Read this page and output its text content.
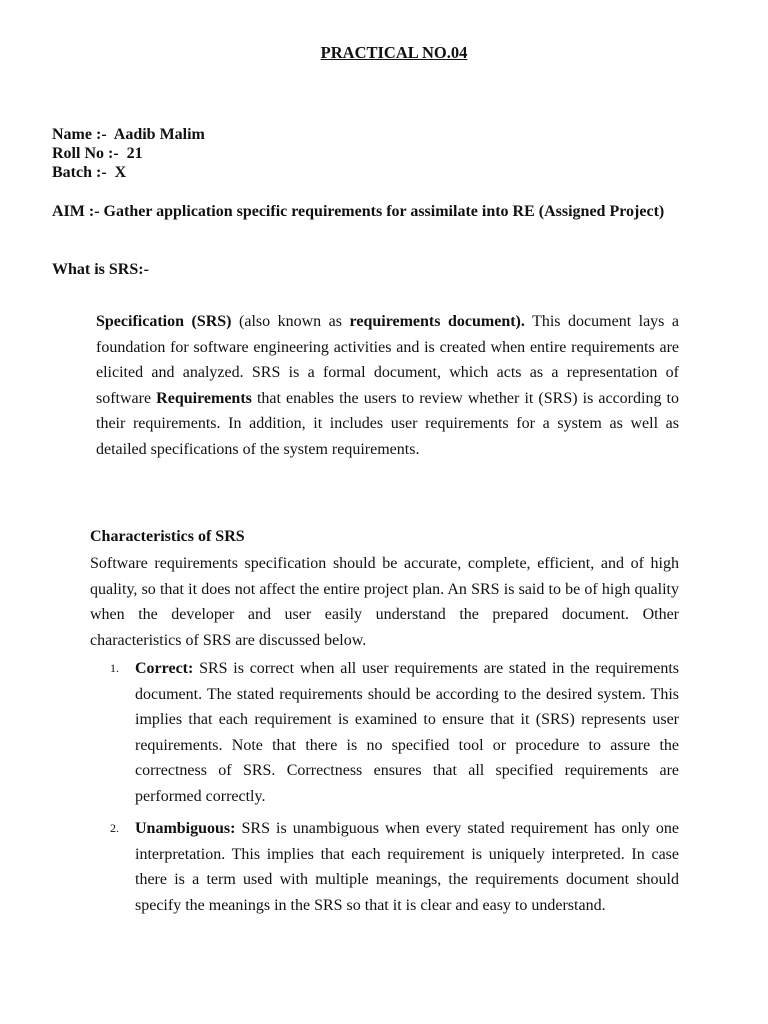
PRACTICAL NO.04
Name :- Aadib Malim
Roll No :- 21
Batch :- X
AIM :- Gather application specific requirements for assimilate into RE (Assigned Project)
What is SRS:-

Specification (SRS) (also known as requirements document). This document lays a foundation for software engineering activities and is created when entire requirements are elicited and analyzed. SRS is a formal document, which acts as a representation of software Requirements that enables the users to review whether it (SRS) is according to their requirements. In addition, it includes user requirements for a system as well as detailed specifications of the system requirements.

Characteristics of SRS

Software requirements specification should be accurate, complete, efficient, and of high quality, so that it does not affect the entire project plan. An SRS is said to be of high quality when the developer and user easily understand the prepared document. Other characteristics of SRS are discussed below.

1. Correct: SRS is correct when all user requirements are stated in the requirements document. The stated requirements should be according to the desired system. This implies that each requirement is examined to ensure that it (SRS) represents user requirements. Note that there is no specified tool or procedure to assure the correctness of SRS. Correctness ensures that all specified requirements are performed correctly.
2. Unambiguous: SRS is unambiguous when every stated requirement has only one interpretation. This implies that each requirement is uniquely interpreted. In case there is a term used with multiple meanings, the requirements document should specify the meanings in the SRS so that it is clear and easy to understand.
